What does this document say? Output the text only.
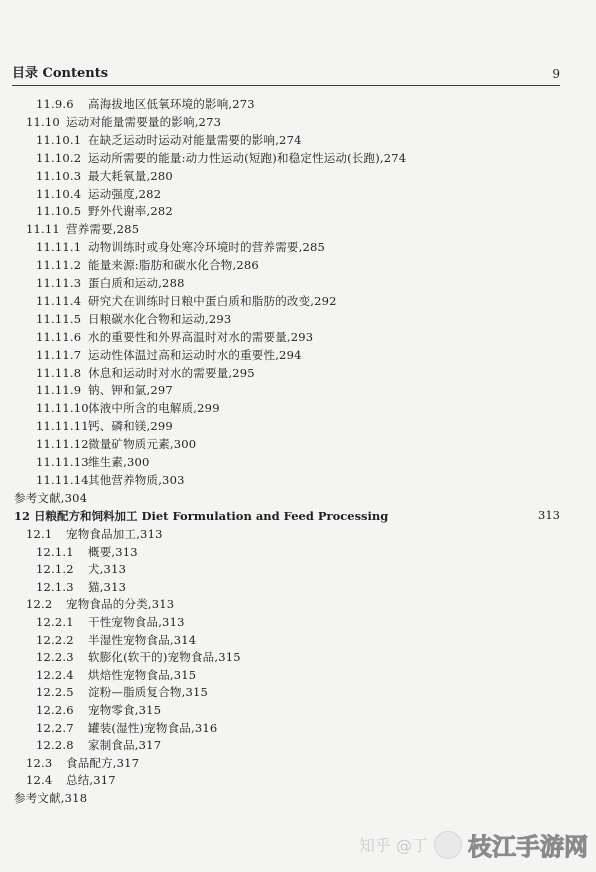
目录 Contents	9
11.9.6 高海拔地区低氧环境的影响,273
11.10 运动对能量需要量的影响,273
11.10.1 在缺乏运动时运动对能量需要的影响,274
11.10.2 运动所需要的能量:动力性运动(短跑)和稳定性运动(长跑),274
11.10.3 最大耗氧量,280
11.10.4 运动强度,282
11.10.5 野外代谢率,282
11.11 营养需要,285
11.11.1 动物训练时或身处寒冷环境时的营养需要,285
11.11.2 能量来源:脂肪和碳水化合物,286
11.11.3 蛋白质和运动,288
11.11.4 研究犬在训练时日粮中蛋白质和脂肪的改变,292
11.11.5 日粮碳水化合物和运动,293
11.11.6 水的重要性和外界高温时对水的需要量,293
11.11.7 运动性体温过高和运动时水的重要性,294
11.11.8 休息和运动时对水的需要量,295
11.11.9 钠、钾和氯,297
11.11.10体液中所含的电解质,299
11.11.11钙、磷和镁,299
11.11.12微量矿物质元素,300
11.11.13维生素,300
11.11.14其他营养物质,303
参考文献,304
12 日粮配方和饲料加工 Diet Formulation and Feed Processing	313
12.1 宠物食品加工,313
12.1.1 概要,313
12.1.2 犬,313
12.1.3 猫,313
12.2 宠物食品的分类,313
12.2.1 干性宠物食品,313
12.2.2 半湿性宠物食品,314
12.2.3 软膨化(软干的)宠物食品,315
12.2.4 烘焙性宠物食品,315
12.2.5 淀粉—脂质复合物,315
12.2.6 宠物零食,315
12.2.7 罐装(湿性)宠物食品,316
12.2.8 家制食品,317
12.3 食品配方,317
12.4 总结,317
参考文献,318
知乎 @丁 枝江手游网
